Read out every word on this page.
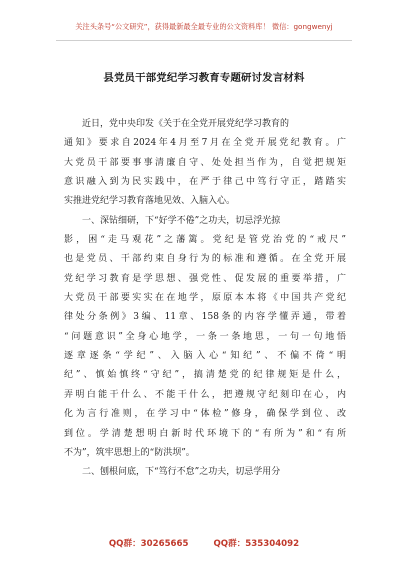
关注头条号“公文研究”，获得最新最全最专业的公文资料库！ 微信：gongwenyj
县党员干部党纪学习教育专题研讨发言材料
近日，党中央印发《关于在全党开展党纪学习教育的
通知》要求自2024年4月至7月在全党开展党纪教育。广
大党员干部要事事清廉自守、处处担当作为，自觉把规矩
意识融入到为民实践中，在严于律己中笃行守正，踏踏实
实推进党纪学习教育落地见效、入脑入心。
一、深钻细研，下“好学不倦”之功夫，切忌浮光掠
影，困“走马观花”之藩篱。党纪是管党治党的“戒尺”
也是党员、干部约束自身行为的标准和遵循。在全党开展
党纪学习教育是学思想、强党性、促发展的重要举措，广
大党员干部要实实在在地学，原原本本将《中国共产党纪
律处分条例》3编、11章、158条的内容学懂弄通，带着
“问题意识”全身心地学，一条一条地思，一句一句地悟
逐章逐条“学纪”、入脑入心“知纪”、不偏不倚“明
纪”、慎始慎终“守纪”，搞清楚党的纪律规矩是什么，
弄明白能干什么、不能干什么，把遵规守纪刻印在心，内
化为言行准则，在学习中“体检”修身，确保学到位、改
到位。学清楚想明白新时代环境下的“有所为”和“有所
不为”，筑牢思想上的“防洪坝”。
二、刨根问底，下“笃行不怠”之功夫，切忌学用分
QQ群：30265665	QQ群：535304092
